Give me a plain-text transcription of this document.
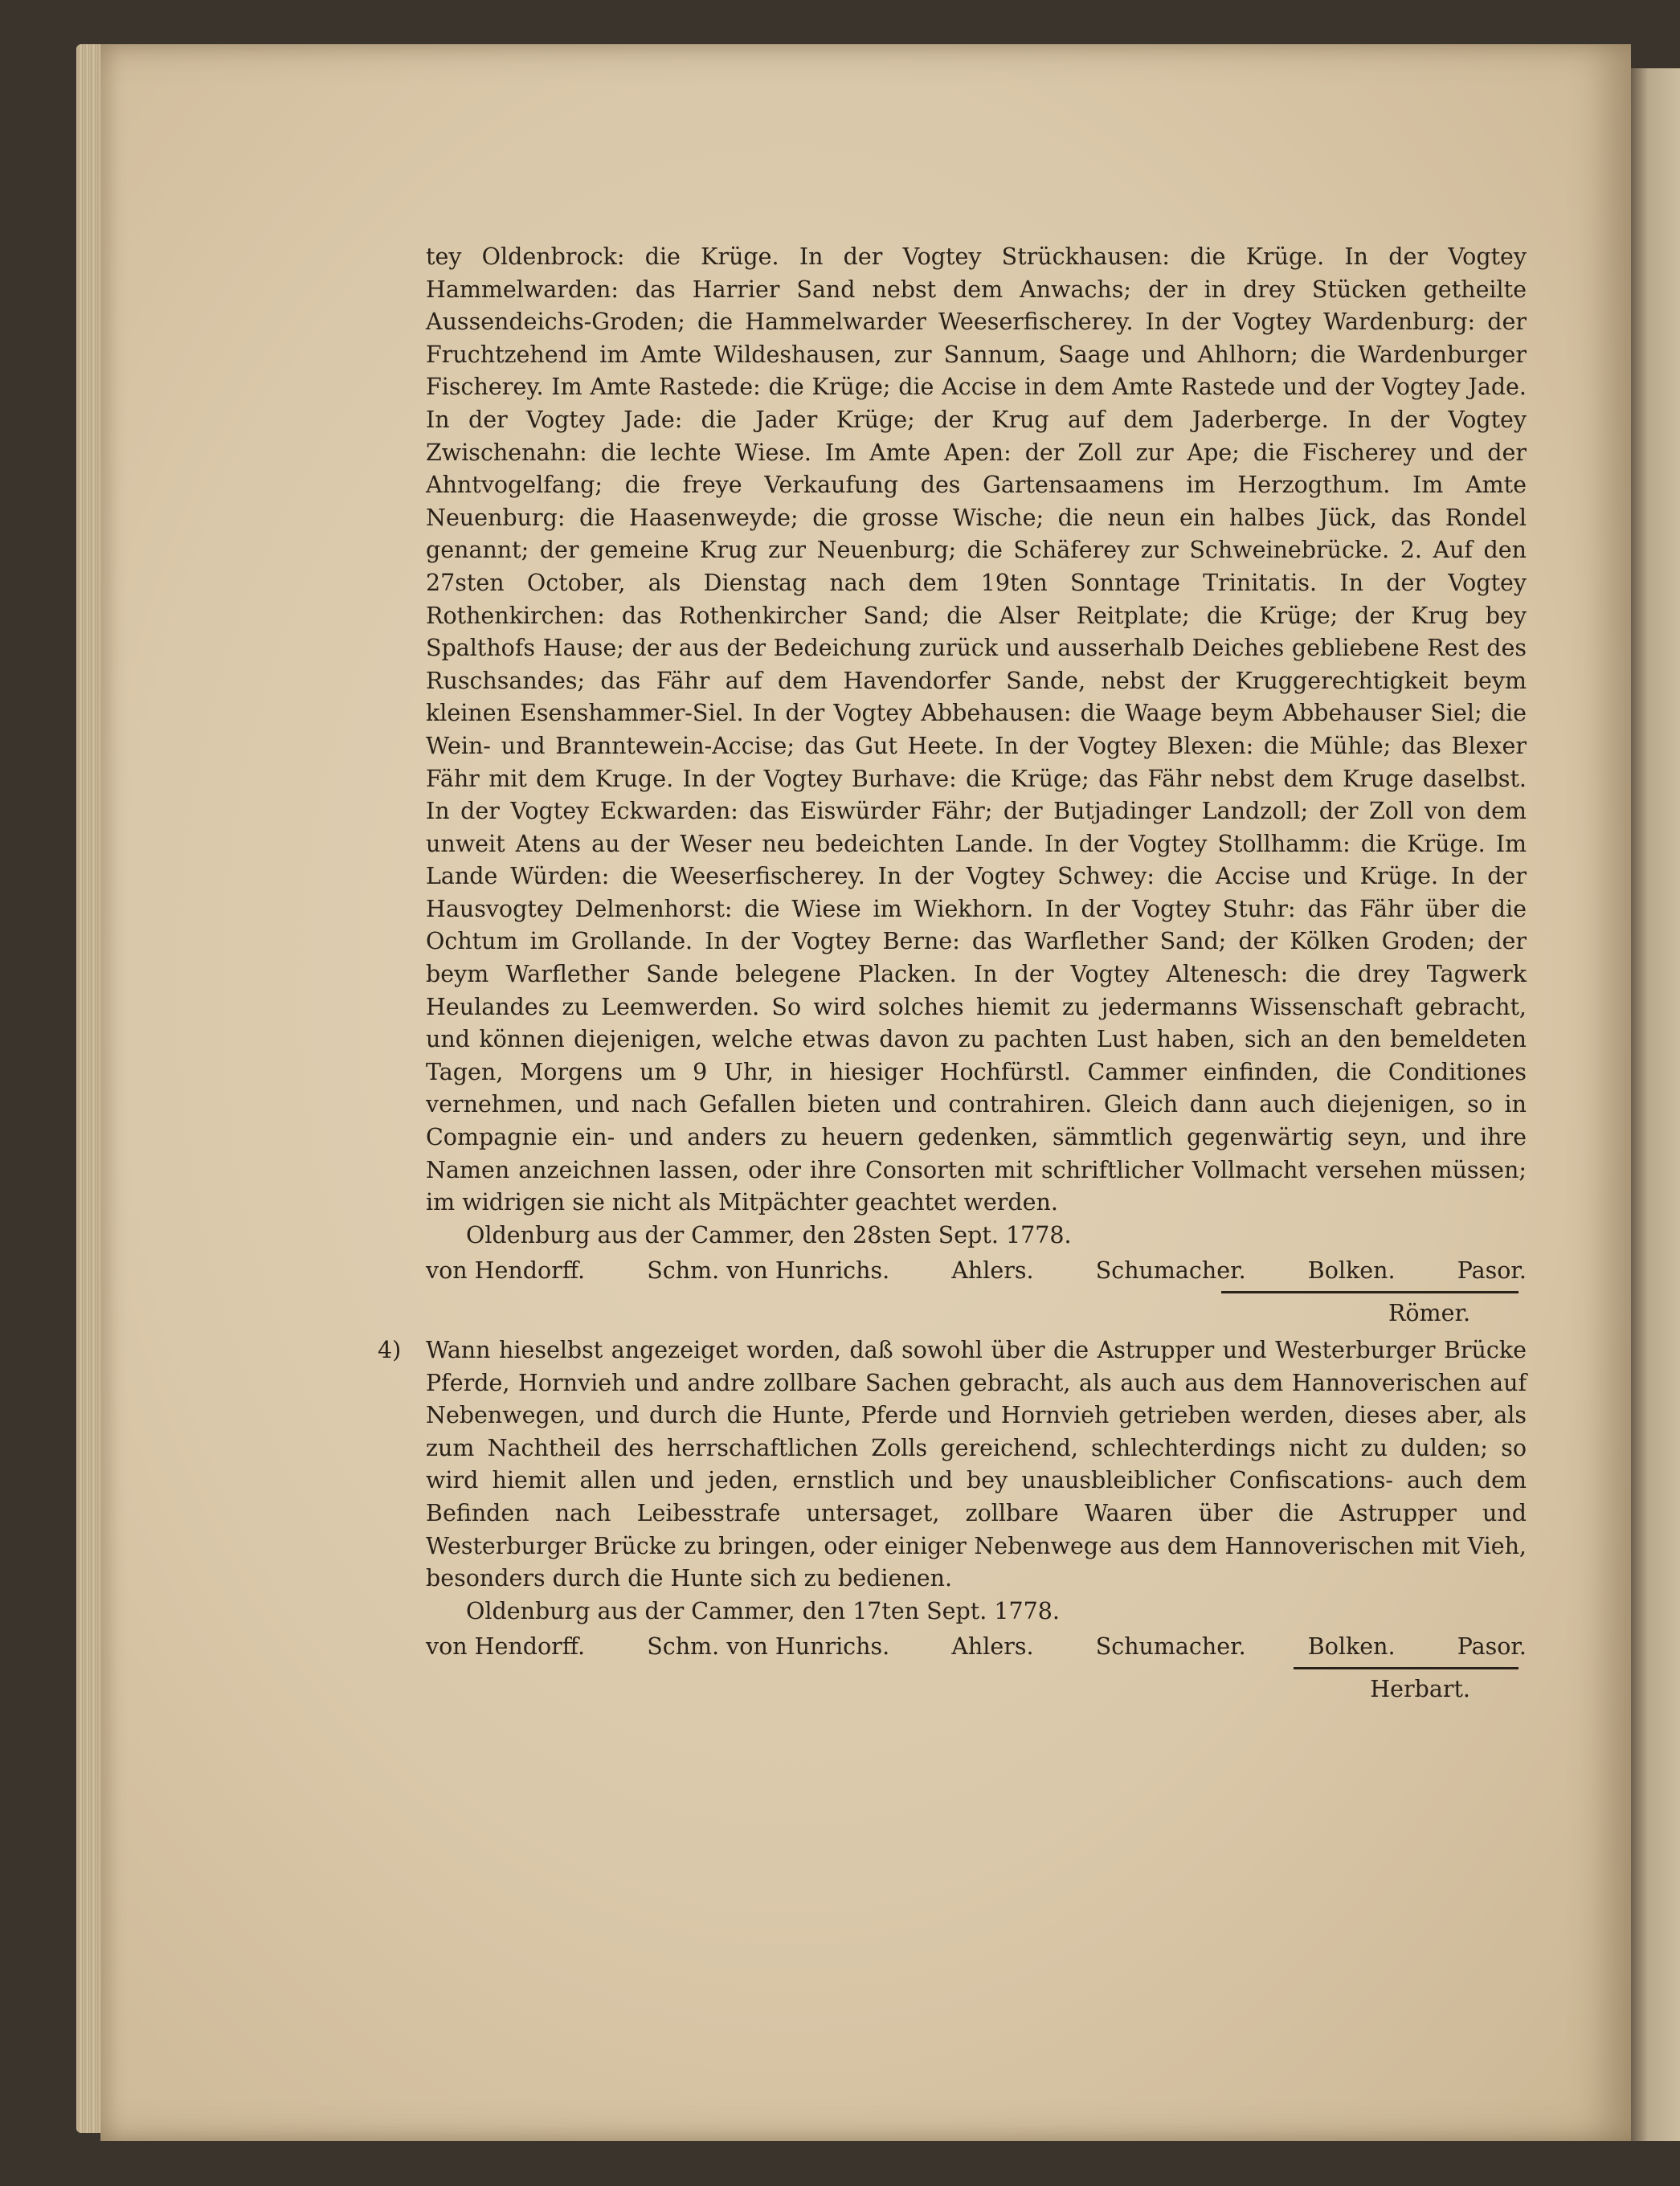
tey Oldenbrock: die Krüge. In der Vogtey Strückhausen: die Krüge. In der Vogtey Hammelwarden: das Harrier Sand nebst dem Anwachs; der in drey Stücken getheilte Aussendeichs-Groden; die Hammelwarder Weeserfischerey. In der Vogtey Wardenburg: der Fruchtzehend im Amte Wildeshausen, zur Sannum, Saage und Ahlhorn; die Wardenburger Fischerey. Im Amte Rastede: die Krüge; die Accise in dem Amte Rastede und der Vogtey Jade. In der Vogtey Jade: die Jader Krüge; der Krug auf dem Jaderberge. In der Vogtey Zwischenahn: die lechte Wiese. Im Amte Apen: der Zoll zur Ape; die Fischerey und der Ahntvogelfang; die freye Verkaufung des Gartensaamens im Herzogthum. Im Amte Neuenburg: die Haasenweyde; die grosse Wische; die neun ein halbes Jück, das Rondel genannt; der gemeine Krug zur Neuenburg; die Schäferey zur Schweinebrücke. 2. Auf den 27sten October, als Dienstag nach dem 19ten Sonntage Trinitatis. In der Vogtey Rothenkirchen: das Rothenkircher Sand; die Alser Reitplate; die Krüge; der Krug bey Spalthofs Hause; der aus der Bedeichung zurück und ausserhalb Deiches gebliebene Rest des Ruschsandes; das Fähr auf dem Havendorfer Sande, nebst der Kruggerechtigkeit beym kleinen Esenshammer-Siel. In der Vogtey Abbehausen: die Waage beym Abbehauser Siel; die Wein- und Branntewein-Accise; das Gut Heete. In der Vogtey Blexen: die Mühle; das Blexer Fähr mit dem Kruge. In der Vogtey Burhave: die Krüge; das Fähr nebst dem Kruge daselbst. In der Vogtey Eckwarden: das Eiswürder Fähr; der Butjadinger Landzoll; der Zoll von dem unweit Atens au der Weser neu bedeichten Lande. In der Vogtey Stollhamm: die Krüge. Im Lande Würden: die Weeserfischerey. In der Vogtey Schwey: die Accise und Krüge. In der Hausvogtey Delmenhorst: die Wiese im Wiekhorn. In der Vogtey Stuhr: das Fähr über die Ochtum im Grollande. In der Vogtey Berne: das Warflether Sand; der Kölken Groden; der beym Warflether Sande belegene Placken. In der Vogtey Altenesch: die drey Tagwerk Heulandes zu Leemwerden. So wird solches hiemit zu jedermanns Wissenschaft gebracht, und können diejenigen, welche etwas davon zu pachten Lust haben, sich an den bemeldeten Tagen, Morgens um 9 Uhr, in hiesiger Hochfürstl. Cammer einfinden, die Conditiones vernehmen, und nach Gefallen bieten und contrahiren. Gleich dann auch diejenigen, so in Compagnie ein- und anders zu heuern gedenken, sämmtlich gegenwärtig seyn, und ihre Namen anzeichnen lassen, oder ihre Consorten mit schriftlicher Vollmacht versehen müssen; im widrigen sie nicht als Mitpächter geachtet werden.

Oldenburg aus der Cammer, den 28sten Sept. 1778.

von Hendorff.	Schm. von Hunrichs.	Ahlers.	Schumacher.	Bolken.	Pasor.

Römer.

4)	Wann hieselbst angezeiget worden, daß sowohl über die Astrupper und Westerburger Brücke Pferde, Hornvieh und andre zollbare Sachen gebracht, als auch aus dem Hannoverischen auf Nebenwegen, und durch die Hunte, Pferde und Hornvieh getrieben werden, dieses aber, als zum Nachtheil des herrschaftlichen Zolls gereichend, schlechterdings nicht zu dulden; so wird hiemit allen und jeden, ernstlich und bey unausbleiblicher Confiscations- auch dem Befinden nach Leibesstrafe untersaget, zollbare Waaren über die Astrupper und Westerburger Brücke zu bringen, oder einiger Nebenwege aus dem Hannoverischen mit Vieh, besonders durch die Hunte sich zu bedienen.

Oldenburg aus der Cammer, den 17ten Sept. 1778.

von Hendorff.	Schm. von Hunrichs.	Ahlers.	Schumacher.	Bolken.	Pasor.

Herbart.
